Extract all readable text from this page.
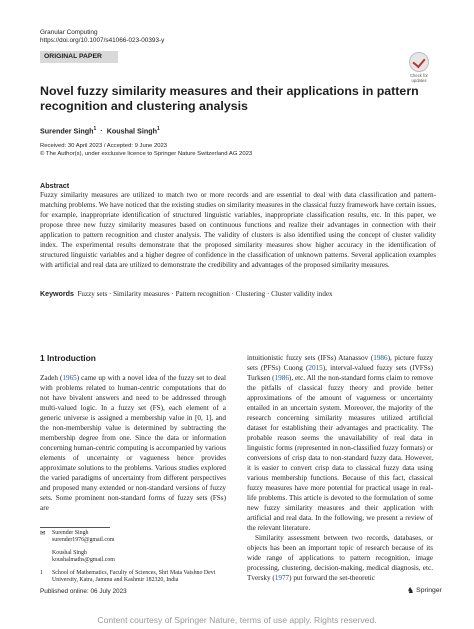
Granular Computing
https://doi.org/10.1007/s41066-023-00393-y
ORIGINAL PAPER
Check for
updates
Novel fuzzy similarity measures and their applications in pattern recognition and clustering analysis
Surender Singh$^1$ · Koushal Singh$^1$
Received: 30 April 2023 / Accepted: 9 June 2023
© The Author(s), under exclusive licence to Springer Nature Switzerland AG 2023
Abstract
Fuzzy similarity measures are utilized to match two or more records and are essential to deal with data classification and pattern-matching problems. We have noticed that the existing studies on similarity measures in the classical fuzzy framework have certain issues, for example, inappropriate identification of structured linguistic variables, inappropriate classification results, etc. In this paper, we propose three new fuzzy similarity measures based on continuous functions and realize their advantages in connection with their application to pattern recognition and cluster analysis. The validity of clusters is also identified using the concept of cluster validity index. The experimental results demonstrate that the proposed similarity measures show higher accuracy in the identification of structured linguistic variables and a higher degree of confidence in the classification of unknown patterns. Several application examples with artificial and real data are utilized to demonstrate the credibility and advantages of the proposed similarity measures.
Keywords Fuzzy sets · Similarity measures · Pattern recognition · Clustering · Cluster validity index
1 Introduction

Zadeh (1965) came up with a novel idea of the fuzzy set to deal with problems related to human-centric computations that do not have bivalent answers and need to be addressed through multi-valued logic. In a fuzzy set (FS), each element of a generic universe is assigned a membership value in [0, 1], and the non-membership value is determined by subtracting the membership degree from one. Since the data or information concerning human-centric computing is accompanied by various elements of uncertainty or vagueness hence provides approximate solutions to the problems. Various studies explored the varied paradigms of uncertainty from different perspectives and proposed many extended or non-standard versions of fuzzy sets. Some prominent non-standard forms of fuzzy sets (FSs) are

intuitionistic fuzzy sets (IFSs) Atanassov (1986), picture fuzzy sets (PFSs) Cuong (2015), interval-valued fuzzy sets (IVFSs) Turksen (1986), etc. All the non-standard forms claim to remove the pitfalls of classical fuzzy theory and provide better approximations of the amount of vagueness or uncertainty entailed in an uncertain system. Moreover, the majority of the research concerning similarity measures utilized artificial dataset for establishing their advantages and practicality. The probable reason seems the unavailability of real data in linguistic forms (represented in non-classified fuzzy formats) or conversions of crisp data to non-standard fuzzy data. However, it is easier to convert crisp data to classical fuzzy data using various membership functions. Because of this fact, classical fuzzy measures have more potential for practical usage in real-life problems. This article is devoted to the formulation of some new fuzzy similarity measures and their application with artificial and real data. In the following, we present a review of the relevant literature.

Similarity assessment between two records, databases, or objects has been an important topic of research because of its wide range of applications to pattern recognition, image processing, clustering, decision-making, medical diagnosis, etc. Tversky (1977) put forward the set-theoretic

✉	Surender Singh
surender1976@gmail.com
Koushal Singh
koushalmaths@gmail.com
1	School of Mathematics, Faculty of Sciences, Shri Mata Vaishno Devi University, Katra, Jammu and Kashmir 182320, India
Published online: 06 July 2023	♞ Springer
Content courtesy of Springer Nature, terms of use apply. Rights reserved.
